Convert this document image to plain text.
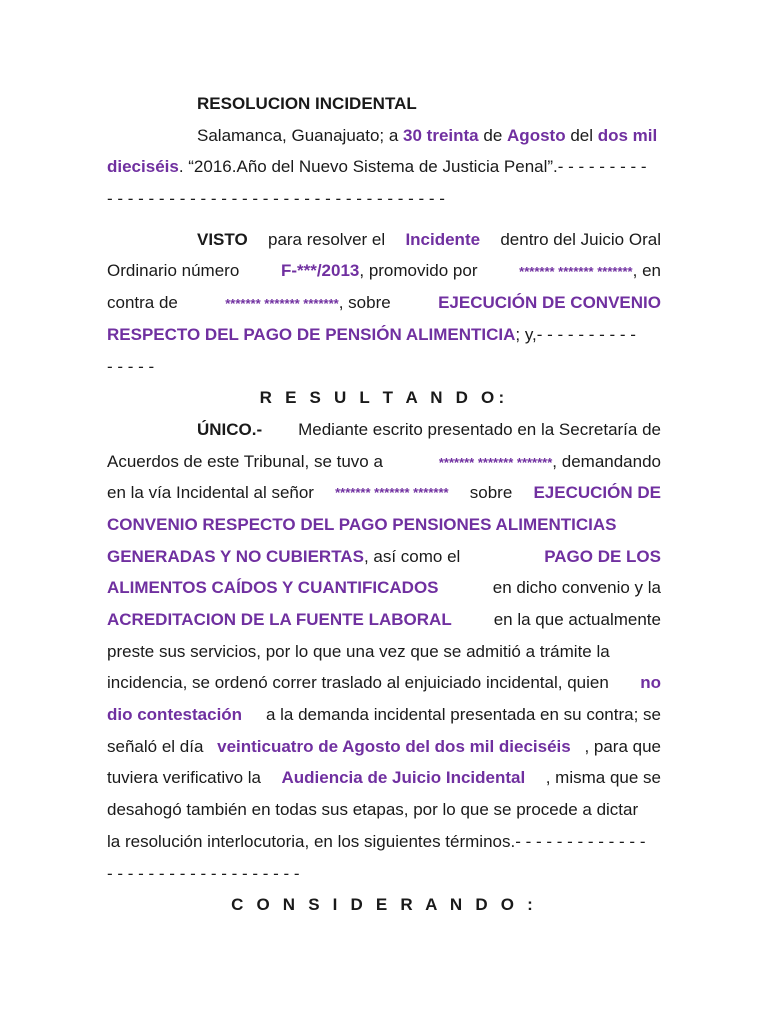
RESOLUCION INCIDENTAL
Salamanca, Guanajuato; a 30 treinta de Agosto del dos mil
dieciséis. “2016.Año del Nuevo Sistema de Justicia Penal”.- - - - - - - - -
- - - - - - - - - - - - - - - - - - - - - - - - - - - - - - - - -
VISTO para resolver el Incidente dentro del Juicio Oral
Ordinario número F-***/2013, promovido por	******* ******* *******, en
contra de	******* ******* *******, sobre	EJECUCIÓN DE CONVENIO
RESPECTO DEL PAGO DE PENSIÓN ALIMENTICIA; y,- - - - - - - - - -
- - - - -
R E S U L T A N D O:
ÚNICO.- Mediante escrito presentado en la Secretaría de
Acuerdos de este Tribunal, se tuvo a	******* ******* *******, demandando
en la vía Incidental al señor ******* ******* ******* sobre EJECUCIÓN DE
CONVENIO RESPECTO DEL PAGO PENSIONES ALIMENTICIAS
GENERADAS Y NO CUBIERTAS, así como el	PAGO DE LOS
ALIMENTOS CAÍDOS Y CUANTIFICADOS	en dicho convenio y la
ACREDITACION DE LA FUENTE LABORAL en la que actualmente
preste sus servicios, por lo que una vez que se admitió a trámite la
incidencia, se ordenó correr traslado al enjuiciado incidental, quien no
dio contestación a la demanda incidental presentada en su contra; se
señaló el día veinticuatro de Agosto del dos mil dieciséis , para que
tuviera verificativo la Audiencia de Juicio Incidental , misma que se
desahogó también en todas sus etapas, por lo que se procede a dictar
la resolución interlocutoria, en los siguientes términos.- - - - - - - - - - - - -
- - - - - - - - - - - - - - - - - - -
C O N S I D E R A N D O :
